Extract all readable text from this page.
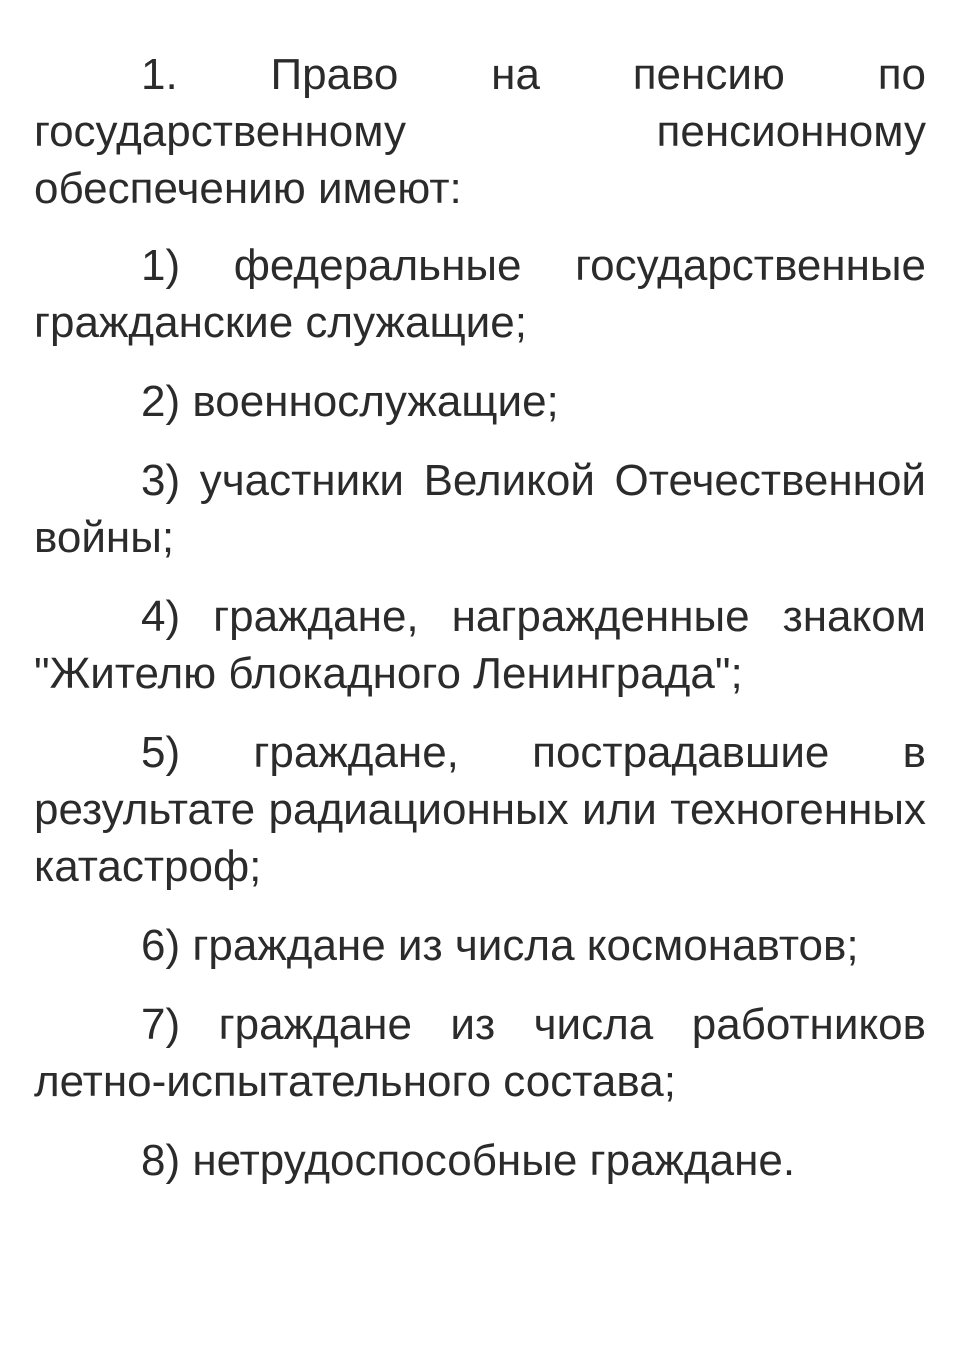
1. Право на пенсию по государственному пенсионному обеспечению имеют:

1) федеральные государственные гражданские служащие;

2) военнослужащие;

3) участники Великой Отечественной войны;

4) граждане, награжденные знаком "Жителю блокадного Ленинграда";

5) граждане, пострадавшие в результате радиационных или техногенных катастроф;

6) граждане из числа космонавтов;

7) граждане из числа работников летно-испытательного состава;

8) нетрудоспособные граждане.
